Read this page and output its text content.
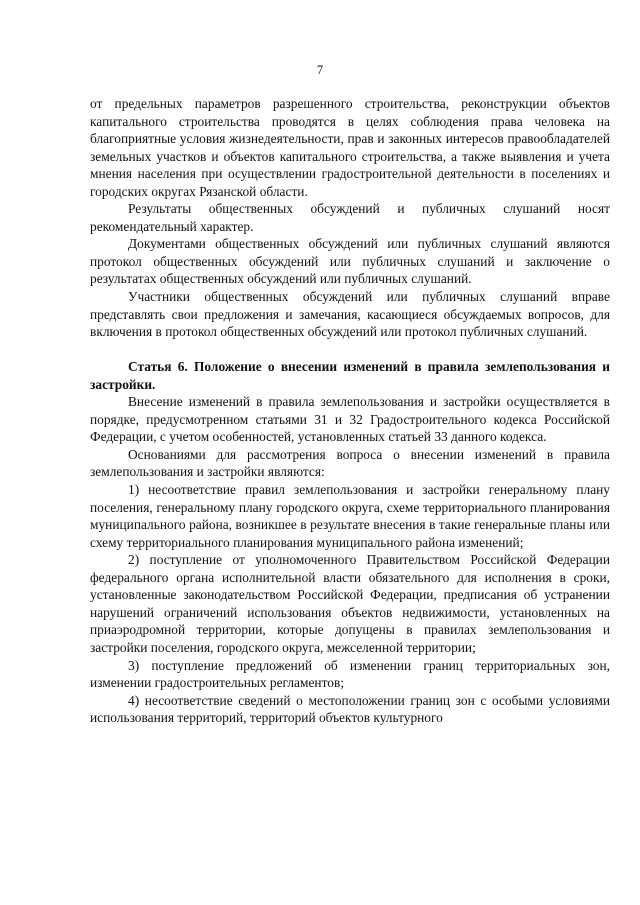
7

от предельных параметров разрешенного строительства, реконструкции объектов капитального строительства проводятся в целях соблюдения права человека на благоприятные условия жизнедеятельности, прав и законных интересов правообладателей земельных участков и объектов капитального строительства, а также выявления и учета мнения населения при осуществлении градостроительной деятельности в поселениях и городских округах Рязанской области.

Результаты общественных обсуждений и публичных слушаний носят рекомендательный характер.

Документами общественных обсуждений или публичных слушаний являются протокол общественных обсуждений или публичных слушаний и заключение о результатах общественных обсуждений или публичных слушаний.

Участники общественных обсуждений или публичных слушаний вправе представлять свои предложения и замечания, касающиеся обсуждаемых вопросов, для включения в протокол общественных обсуждений или протокол публичных слушаний.

Статья 6. Положение о внесении изменений в правила землепользования и застройки.

Внесение изменений в правила землепользования и застройки осуществляется в порядке, предусмотренном статьями 31 и 32 Градостроительного кодекса Российской Федерации, с учетом особенностей, установленных статьей 33 данного кодекса.

Основаниями для рассмотрения вопроса о внесении изменений в правила землепользования и застройки являются:

1) несоответствие правил землепользования и застройки генеральному плану поселения, генеральному плану городского округа, схеме территориального планирования муниципального района, возникшее в результате внесения в такие генеральные планы или схему территориального планирования муниципального района изменений;

2) поступление от уполномоченного Правительством Российской Федерации федерального органа исполнительной власти обязательного для исполнения в сроки, установленные законодательством Российской Федерации, предписания об устранении нарушений ограничений использования объектов недвижимости, установленных на приаэродромной территории, которые допущены в правилах землепользования и застройки поселения, городского округа, межселенной территории;

3) поступление предложений об изменении границ территориальных зон, изменении градостроительных регламентов;

4) несоответствие сведений о местоположении границ зон с особыми условиями использования территорий, территорий объектов культурного
